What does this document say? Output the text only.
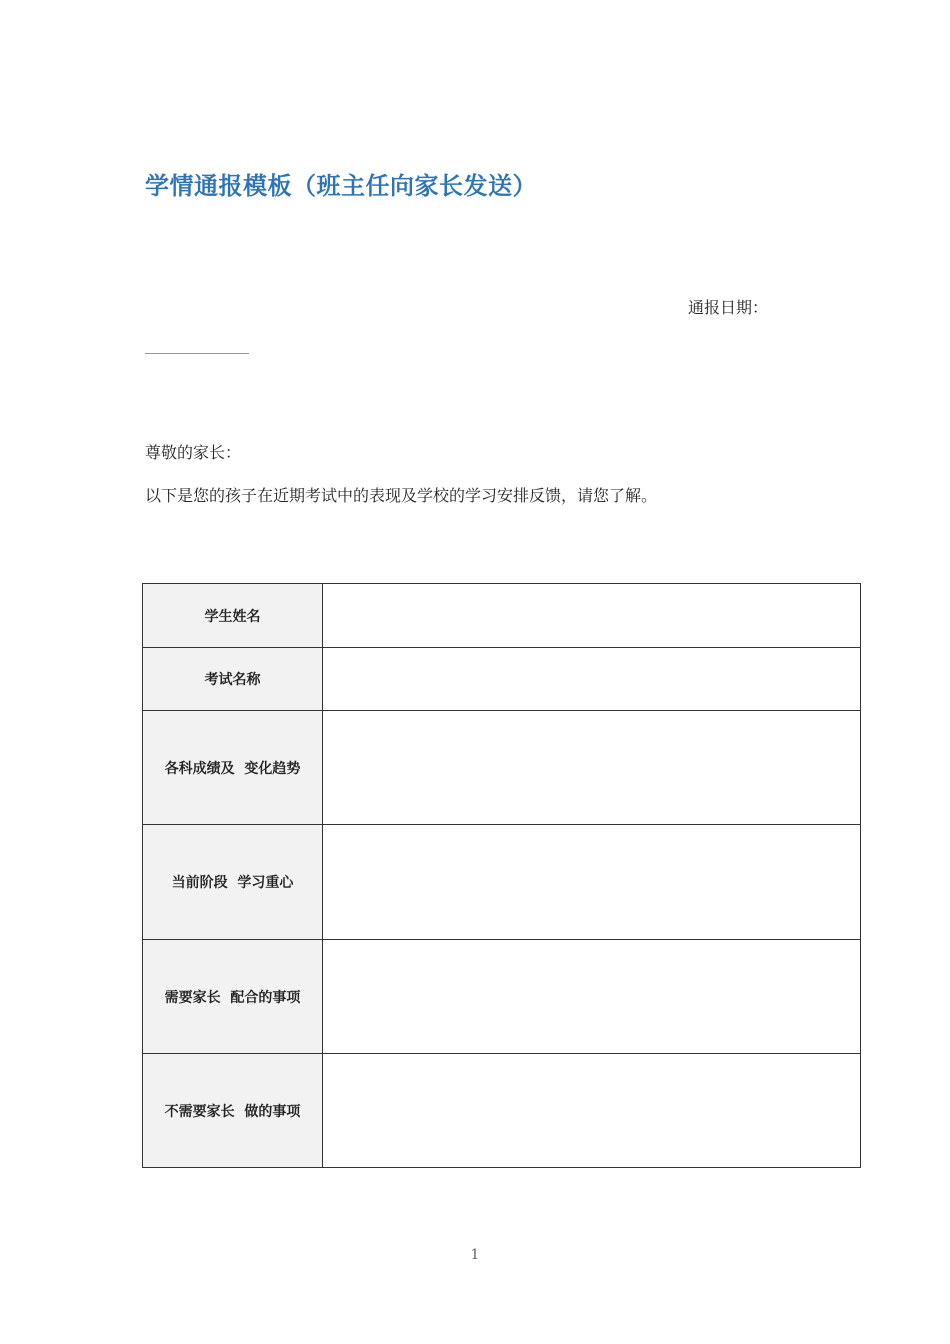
学情通报模板（班主任向家长发送）
通报日期：
尊敬的家长：
以下是您的孩子在近期考试中的表现及学校的学习安排反馈，请您了解。
学生姓名	
考试名称	
各科成绩及  变化趋势	
当前阶段  学习重心	
需要家长  配合的事项	
不需要家长  做的事项	
1
